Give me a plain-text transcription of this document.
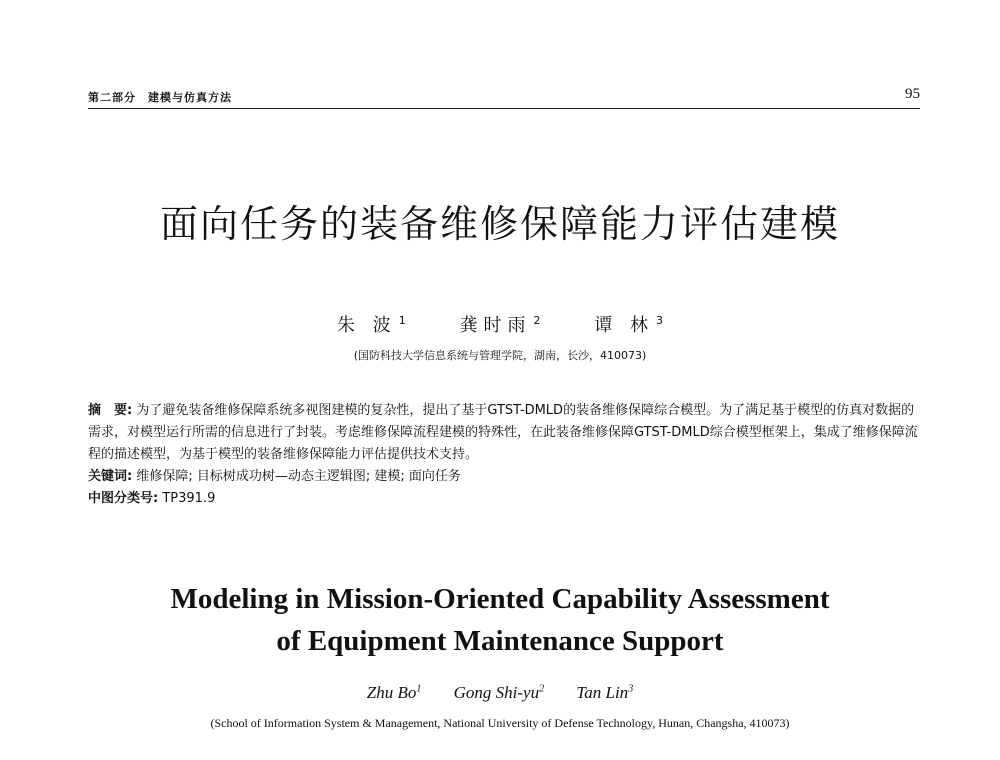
第二部分　建模与仿真方法	95
面向任务的装备维修保障能力评估建模
朱 波 $^1$	龚时雨 $^2$	谭 林 $^3$
(国防科技大学信息系统与管理学院，湖南，长沙，410073)

摘　要: 为了避免装备维修保障系统多视图建模的复杂性，提出了基于GTST-DMLD的装备维修保障综合模型。为了满足基于模型的仿真对数据的需求，对模型运行所需的信息进行了封装。考虑维修保障流程建模的特殊性，在此装备维修保障GTST-DMLD综合模型框架上，集成了维修保障流程的描述模型，为基于模型的装备维修保障能力评估提供技术支持。

关键词: 维修保障; 目标树成功树—动态主逻辑图; 建模; 面向任务

中图分类号: TP391.9

Modeling in Mission-Oriented Capability Assessment
of Equipment Maintenance Support
Zhu Bo$^1$ Gong Shi-$yu^2$ Tan Lin$^3$
(School of Information System & Management, National University of Defense Technology, Hunan, Changsha, 410073)
